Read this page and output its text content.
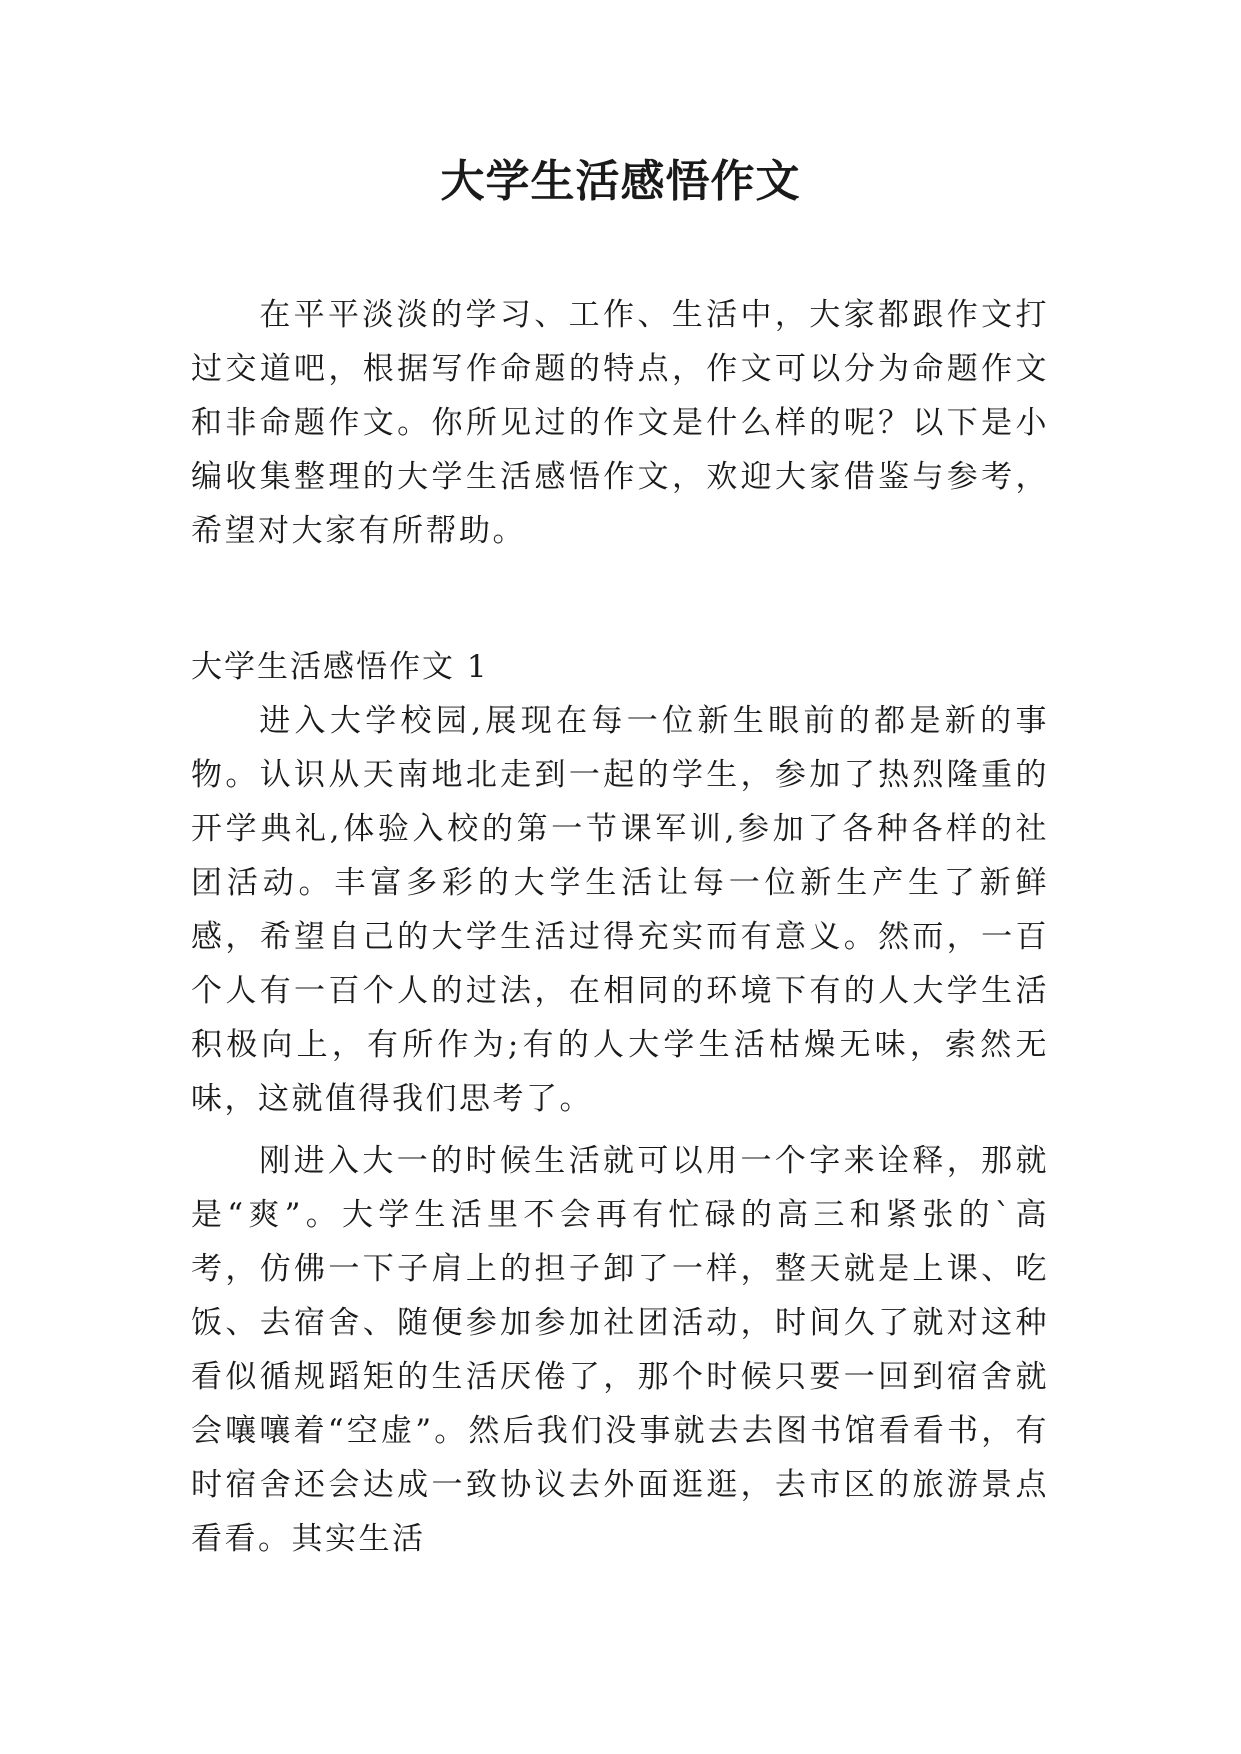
大学生活感悟作文

在平平淡淡的学习、工作、生活中，大家都跟作文打过交道吧，根据写作命题的特点，作文可以分为命题作文和非命题作文。你所见过的作文是什么样的呢？以下是小编收集整理的大学生活感悟作文，欢迎大家借鉴与参考，希望对大家有所帮助。

大学生活感悟作文 1

进入大学校园,展现在每一位新生眼前的都是新的事物。认识从天南地北走到一起的学生，参加了热烈隆重的开学典礼,体验入校的第一节课军训,参加了各种各样的社团活动。丰富多彩的大学生活让每一位新生产生了新鲜感，希望自己的大学生活过得充实而有意义。然而，一百个人有一百个人的过法，在相同的环境下有的人大学生活积极向上，有所作为;有的人大学生活枯燥无味，索然无味，这就值得我们思考了。

刚进入大一的时候生活就可以用一个字来诠释，那就是“爽”。大学生活里不会再有忙碌的高三和紧张的`高考，仿佛一下子肩上的担子卸了一样，整天就是上课、吃饭、去宿舍、随便参加参加社团活动，时间久了就对这种看似循规蹈矩的生活厌倦了，那个时候只要一回到宿舍就会嚷嚷着“空虚”。然后我们没事就去去图书馆看看书，有时宿舍还会达成一致协议去外面逛逛，去市区的旅游景点看看。其实生活
